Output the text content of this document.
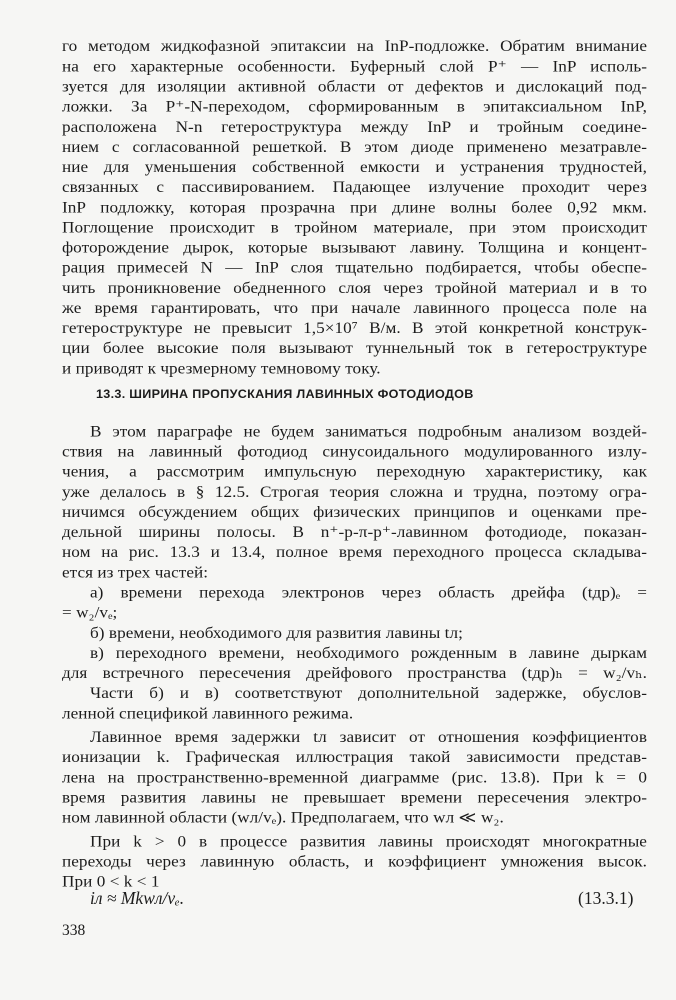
го методом жидкофазной эпитаксии на InP-подложке. Обратим внимание
на его характерные особенности. Буферный слой P⁺ — InP исполь-
зуется для изоляции активной области от дефектов и дислокаций под-
ложки. За P⁺-N-переходом, сформированным в эпитаксиальном InP,
расположена N-n гетероструктура между InP и тройным соедине-
нием с согласованной решеткой. В этом диоде применено мезатравле-
ние для уменьшения собственной емкости и устранения трудностей,
связанных с пассивированием. Падающее излучение проходит через
InP подложку, которая прозрачна при длине волны более 0,92 мкм.
Поглощение происходит в тройном материале, при этом происходит
фоторождение дырок, которые вызывают лавину. Толщина и концент-
рация примесей N — InP слоя тщательно подбирается, чтобы обеспе-
чить проникновение обедненного слоя через тройной материал и в то
же время гарантировать, что при начале лавинного процесса поле на
гетероструктуре не превысит 1,5×10⁷ В/м. В этой конкретной конструк-
ции более высокие поля вызывают туннельный ток в гетероструктуре
и приводят к чрезмерному темновому току.
13.3. ШИРИНА ПРОПУСКАНИЯ ЛАВИННЫХ ФОТОДИОДОВ
В этом параграфе не будем заниматься подробным анализом воздей-
ствия на лавинный фотодиод синусоидального модулированного излу-
чения, а рассмотрим импульсную переходную характеристику, как
уже делалось в § 12.5. Строгая теория сложна и трудна, поэтому огра-
ничимся обсуждением общих физических принципов и оценками пре-
дельной ширины полосы. В n⁺-p-π-p⁺-лавинном фотодиоде, показан-
ном на рис. 13.3 и 13.4, полное время переходного процесса складыва-
ется из трех частей:
а) времени перехода электронов через область дрейфа (tдр)ₑ =
= w₂/vₑ;
б) времени, необходимого для развития лавины tл;
в) переходного времени, необходимого рожденным в лавине дыркам
для встречного пересечения дрейфового пространства (tдр)ₕ = w₂/vₕ.
Части б) и в) соответствуют дополнительной задержке, обуслов-
ленной спецификой лавинного режима.
Лавинное время задержки tл зависит от отношения коэффициентов
ионизации k. Графическая иллюстрация такой зависимости представ-
лена на пространственно-временной диаграмме (рис. 13.8). При k = 0
время развития лавины не превышает времени пересечения электро-
ном лавинной области (wл/vₑ). Предполагаем, что wл ≪ w₂.
При k > 0 в процессе развития лавины происходят многократные
переходы через лавинную область, и коэффициент умножения высок.
При 0 < k < 1
iл ≈ Mkwл/vₑ.	(13.3.1)
338
